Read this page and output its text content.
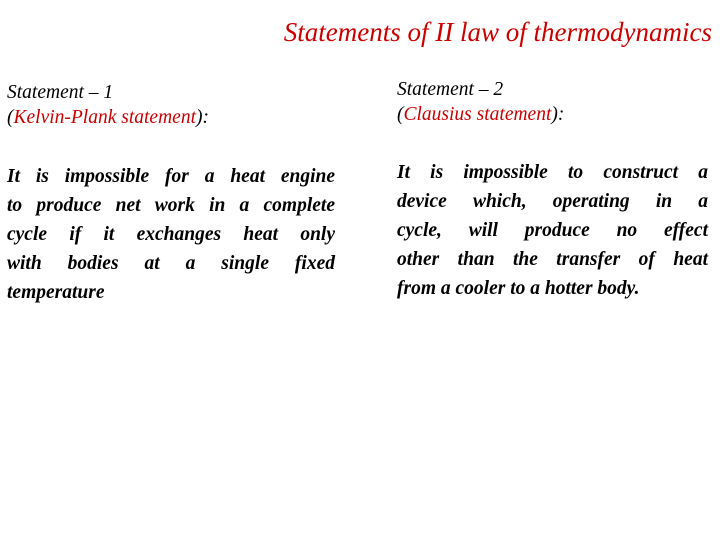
Statements of II law of thermodynamics
Statement – 1
(Kelvin-Plank statement):
Statement – 2
(Clausius statement):
It is impossible for a heat engine
to produce net work in a complete
cycle if it exchanges heat only
with bodies at a single fixed
temperature
It is impossible to construct a
device which, operating in a
cycle, will produce no effect
other than the transfer of heat
from a cooler to a hotter body.
